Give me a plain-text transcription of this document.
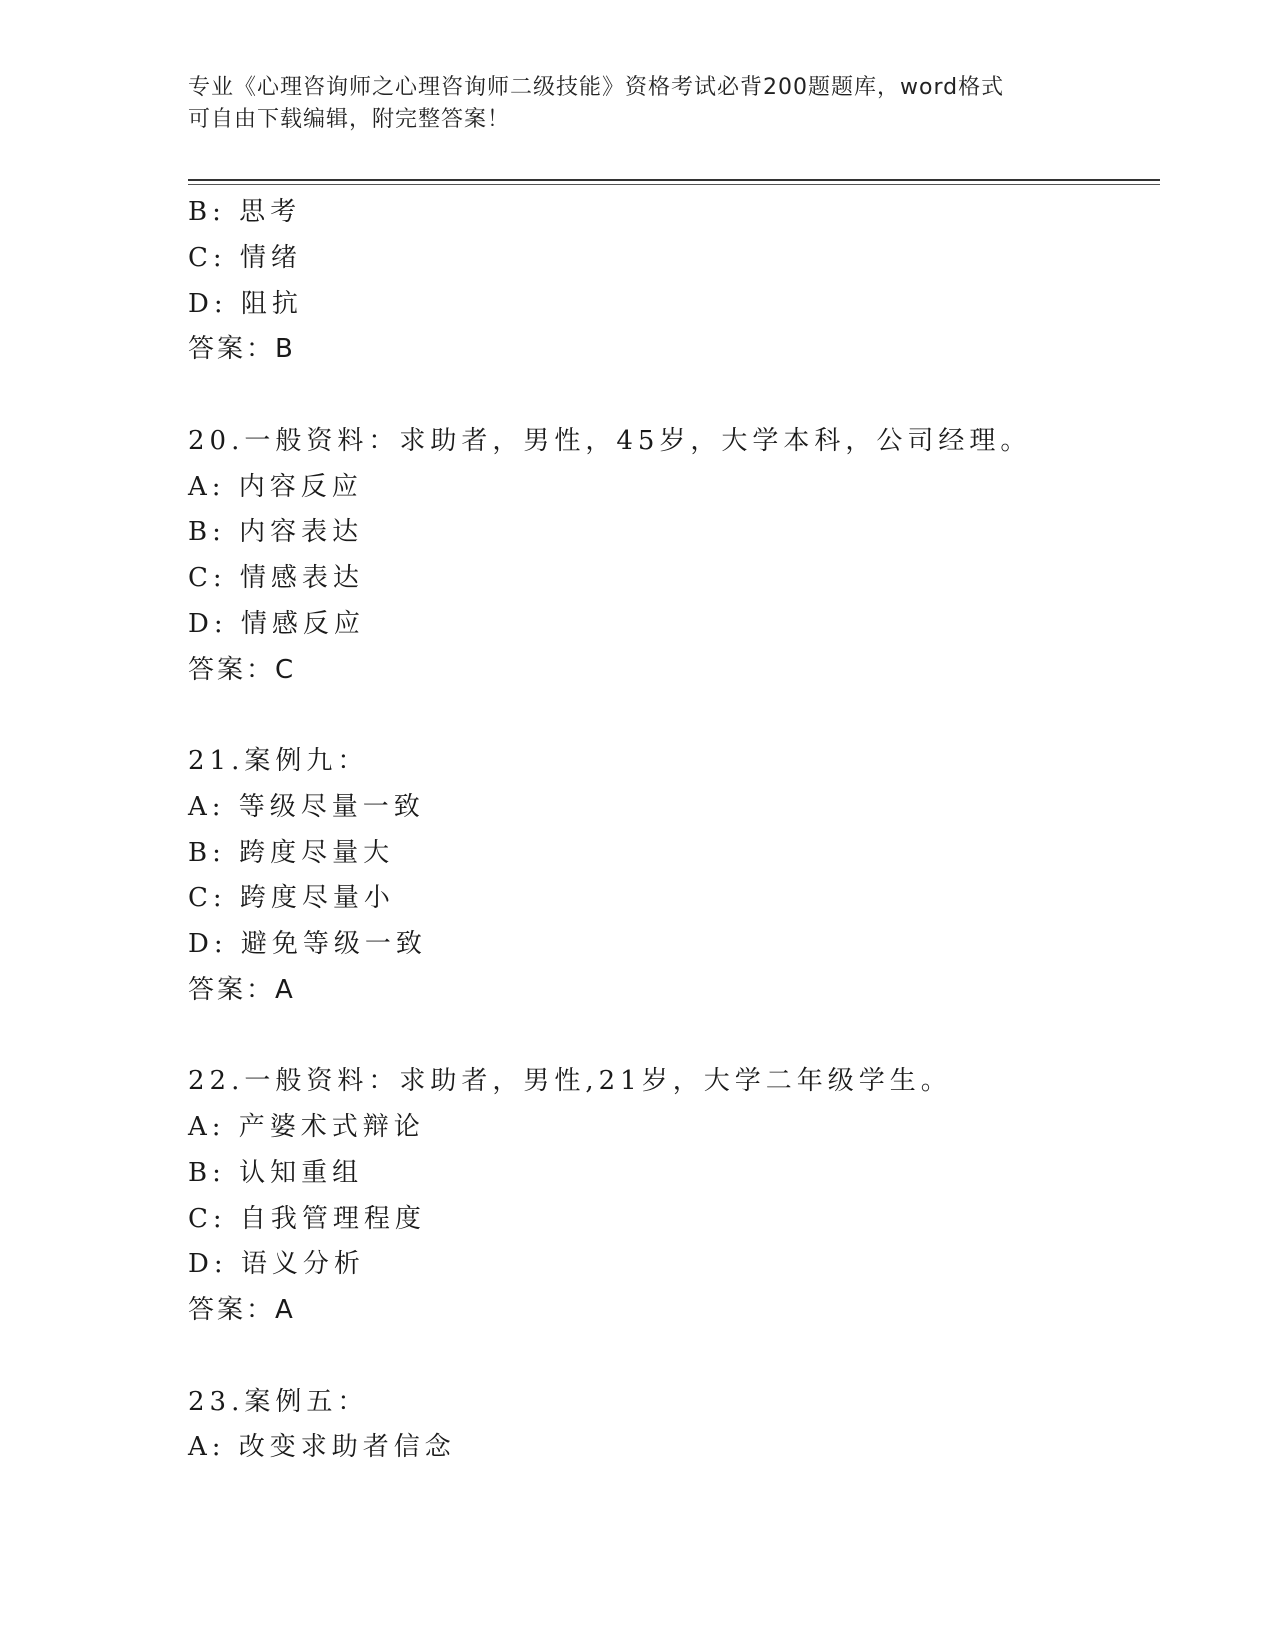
专业《心理咨询师之心理咨询师二级技能》资格考试必背200题题库，word格式
可自由下载编辑，附完整答案！
B: 思考
C: 情绪
D: 阻抗
答案：B
20.一般资料：求助者，男性，45岁，大学本科，公司经理。
A: 内容反应
B: 内容表达
C: 情感表达
D: 情感反应
答案：C
21.案例九：
A: 等级尽量一致
B: 跨度尽量大
C: 跨度尽量小
D: 避免等级一致
答案：A
22.一般资料：求助者，男性,21岁，大学二年级学生。
A: 产婆术式辩论
B: 认知重组
C: 自我管理程度
D: 语义分析
答案：A
23.案例五：
A: 改变求助者信念
